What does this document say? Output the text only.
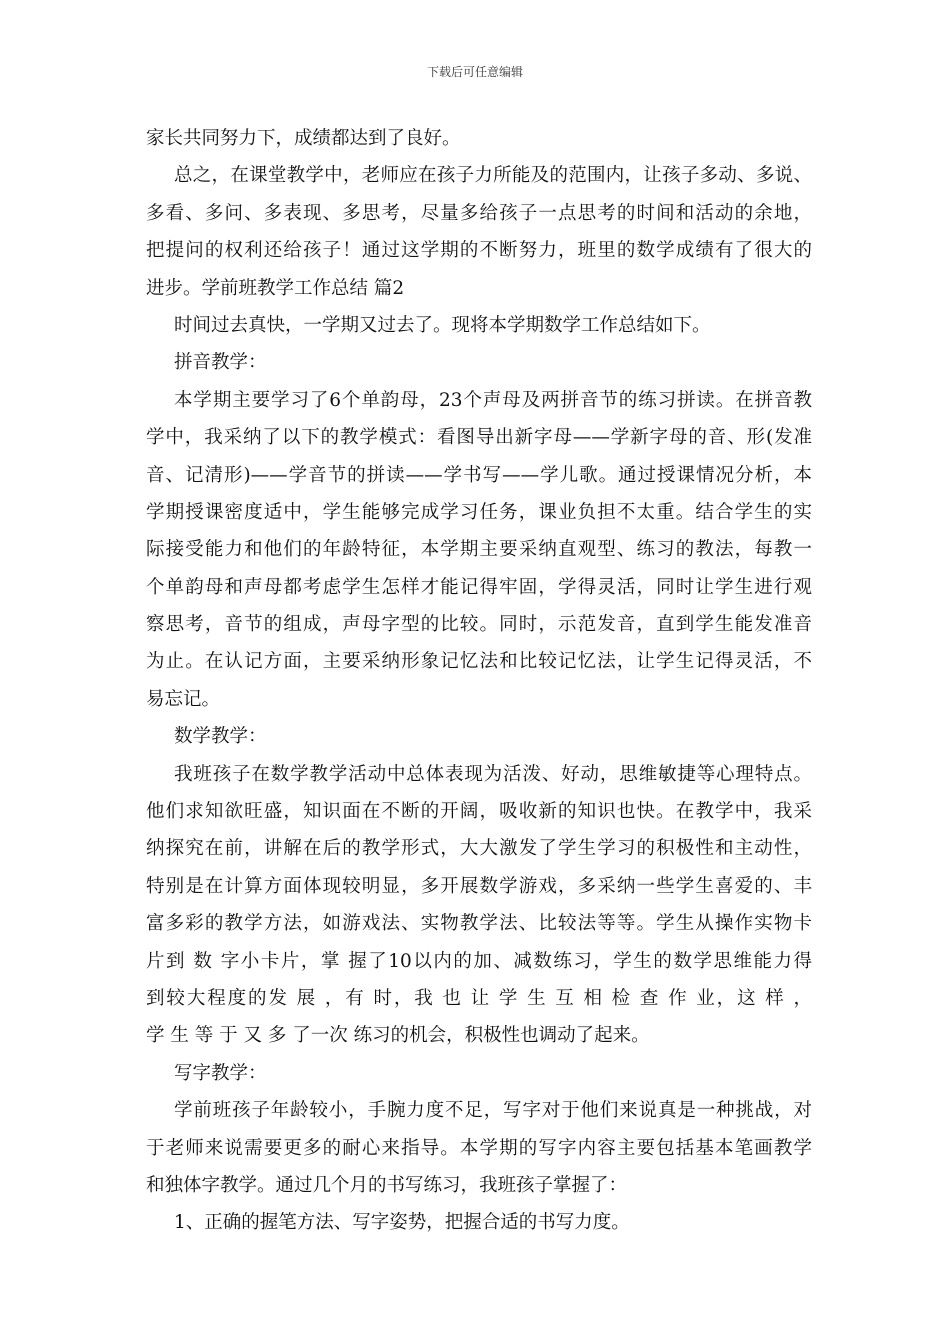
下载后可任意编辑
家长共同努力下，成绩都达到了良好。
总之，在课堂教学中，老师应在孩子力所能及的范围内，让孩子多动、多说、
多看、多问、多表现、多思考，尽量多给孩子一点思考的时间和活动的余地，
把提问的权利还给孩子！通过这学期的不断努力，班里的数学成绩有了很大的
进步。学前班教学工作总结 篇2
时间过去真快，一学期又过去了。现将本学期数学工作总结如下。
拼音教学：
本学期主要学习了6个单韵母，23个声母及两拼音节的练习拼读。在拼音教
学中，我采纳了以下的教学模式：看图导出新字母——学新字母的音、形(发准
音、记清形)——学音节的拼读——学书写——学儿歌。通过授课情况分析，本
学期授课密度适中，学生能够完成学习任务，课业负担不太重。结合学生的实
际接受能力和他们的年龄特征，本学期主要采纳直观型、练习的教法，每教一
个单韵母和声母都考虑学生怎样才能记得牢固，学得灵活，同时让学生进行观
察思考，音节的组成，声母字型的比较。同时，示范发音，直到学生能发准音
为止。在认记方面，主要采纳形象记忆法和比较记忆法，让学生记得灵活，不
易忘记。
数学教学：
我班孩子在数学教学活动中总体表现为活泼、好动，思维敏捷等心理特点。
他们求知欲旺盛，知识面在不断的开阔，吸收新的知识也快。在教学中，我采
纳探究在前，讲解在后的教学形式，大大激发了学生学习的积极性和主动性，
特别是在计算方面体现较明显，多开展数学游戏，多采纳一些学生喜爱的、丰
富多彩的教学方法，如游戏法、实物教学法、比较法等等。学生从操作实物卡
片到 数 字小卡片，掌 握了10以内的加、减数练习，学生的数学思维能力得
到较大程度的发 展 ，有 时，我 也 让 学 生 互 相 检 查 作 业，这 样 ，
学 生 等 于 又 多 了一次 练习的机会，积极性也调动了起来。
写字教学：
学前班孩子年龄较小，手腕力度不足，写字对于他们来说真是一种挑战，对
于老师来说需要更多的耐心来指导。本学期的写字内容主要包括基本笔画教学
和独体字教学。通过几个月的书写练习，我班孩子掌握了：
1、正确的握笔方法、写字姿势，把握合适的书写力度。
